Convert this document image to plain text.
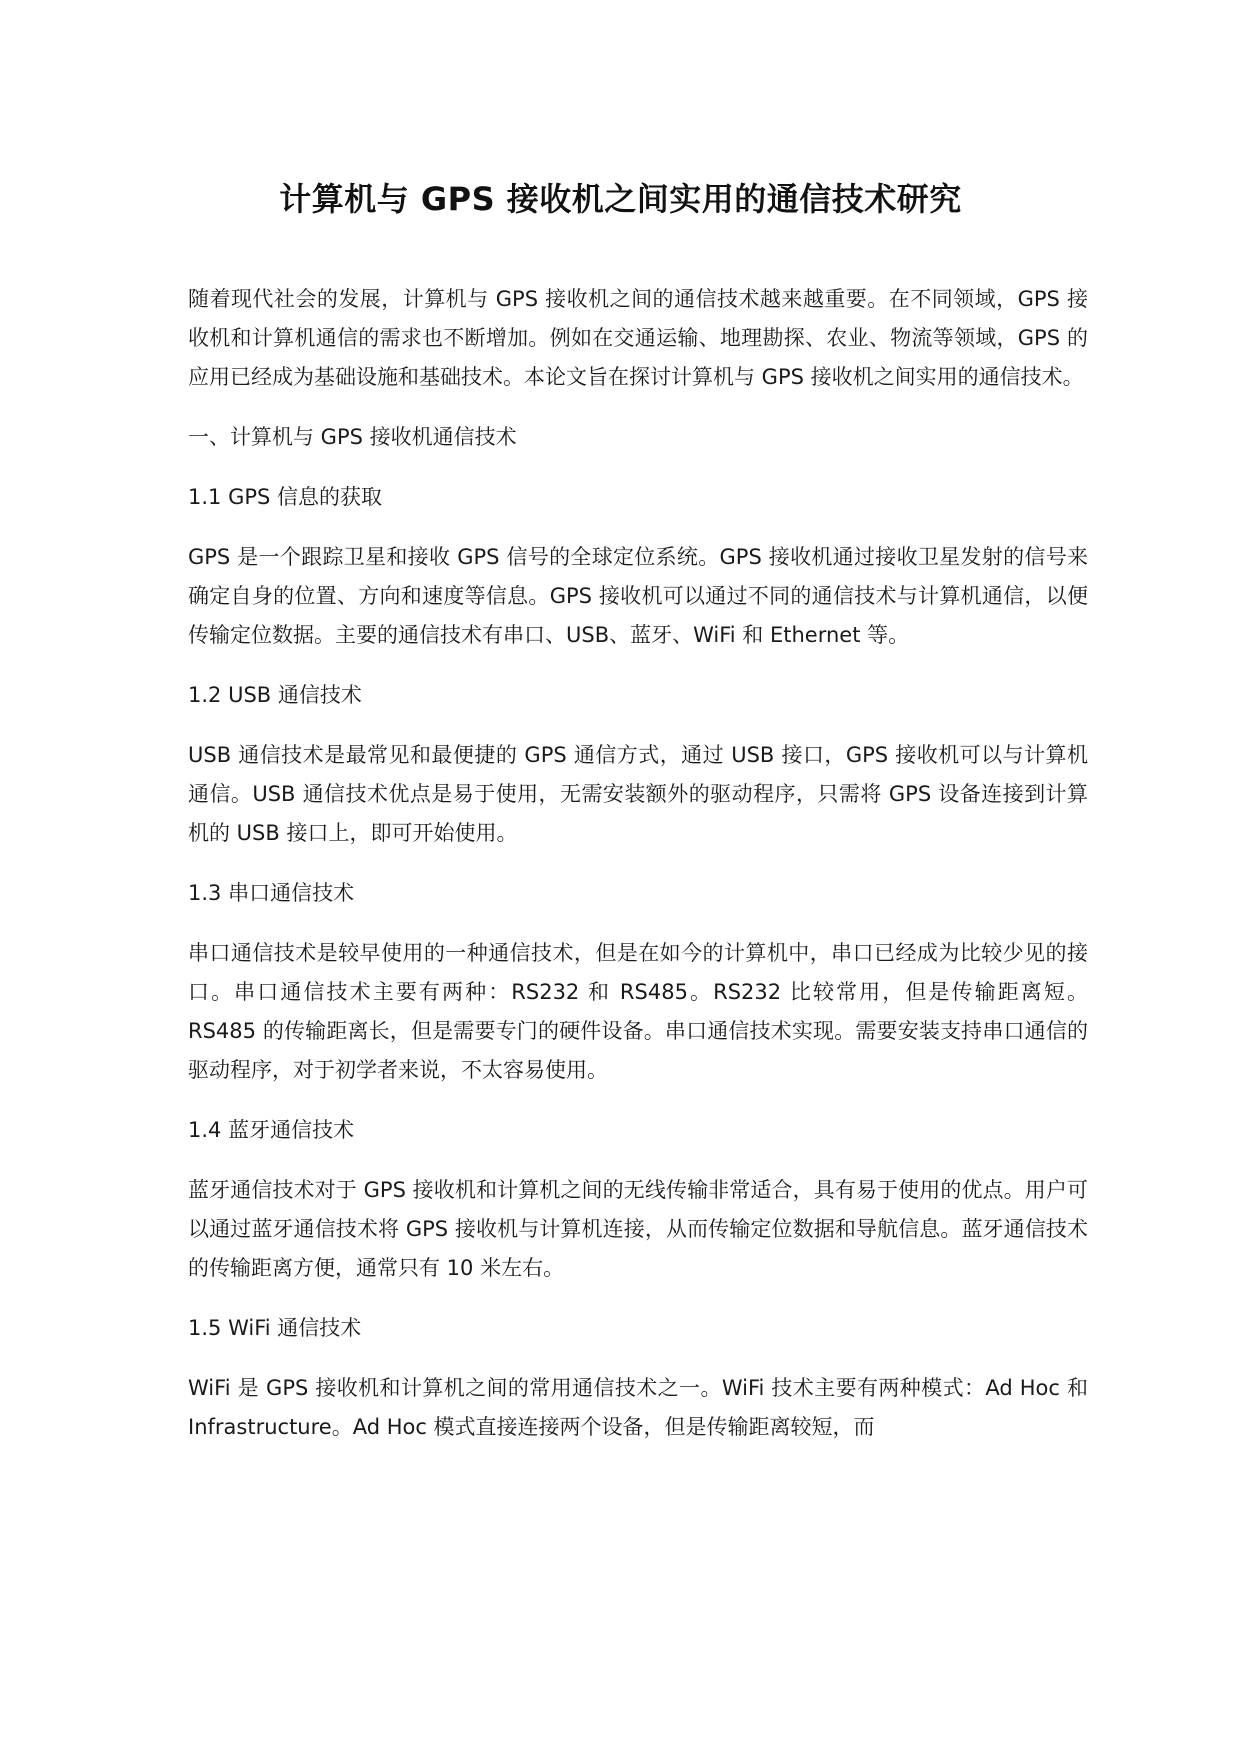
计算机与 GPS 接收机之间实用的通信技术研究

随着现代社会的发展，计算机与 GPS 接收机之间的通信技术越来越重要。在不同领域，GPS 接收机和计算机通信的需求也不断增加。例如在交通运输、地理勘探、农业、物流等领域，GPS 的应用已经成为基础设施和基础技术。本论文旨在探讨计算机与 GPS 接收机之间实用的通信技术。

一、计算机与 GPS 接收机通信技术

1.1 GPS 信息的获取

GPS 是一个跟踪卫星和接收 GPS 信号的全球定位系统。GPS 接收机通过接收卫星发射的信号来确定自身的位置、方向和速度等信息。GPS 接收机可以通过不同的通信技术与计算机通信，以便传输定位数据。主要的通信技术有串口、USB、蓝牙、WiFi 和 Ethernet 等。

1.2 USB 通信技术

USB 通信技术是最常见和最便捷的 GPS 通信方式，通过 USB 接口，GPS 接收机可以与计算机通信。USB 通信技术优点是易于使用，无需安装额外的驱动程序，只需将 GPS 设备连接到计算机的 USB 接口上，即可开始使用。

1.3 串口通信技术

串口通信技术是较早使用的一种通信技术，但是在如今的计算机中，串口已经成为比较少见的接口。串口通信技术主要有两种：RS232 和 RS485。RS232 比较常用，但是传输距离短。RS485 的传输距离长，但是需要专门的硬件设备。串口通信技术实现。需要安装支持串口通信的驱动程序，对于初学者来说，不太容易使用。

1.4 蓝牙通信技术

蓝牙通信技术对于 GPS 接收机和计算机之间的无线传输非常适合，具有易于使用的优点。用户可以通过蓝牙通信技术将 GPS 接收机与计算机连接，从而传输定位数据和导航信息。蓝牙通信技术的传输距离方便，通常只有 10 米左右。

1.5 WiFi 通信技术

WiFi 是 GPS 接收机和计算机之间的常用通信技术之一。WiFi 技术主要有两种模式：Ad Hoc 和 Infrastructure。Ad Hoc 模式直接连接两个设备，但是传输距离较短，而
